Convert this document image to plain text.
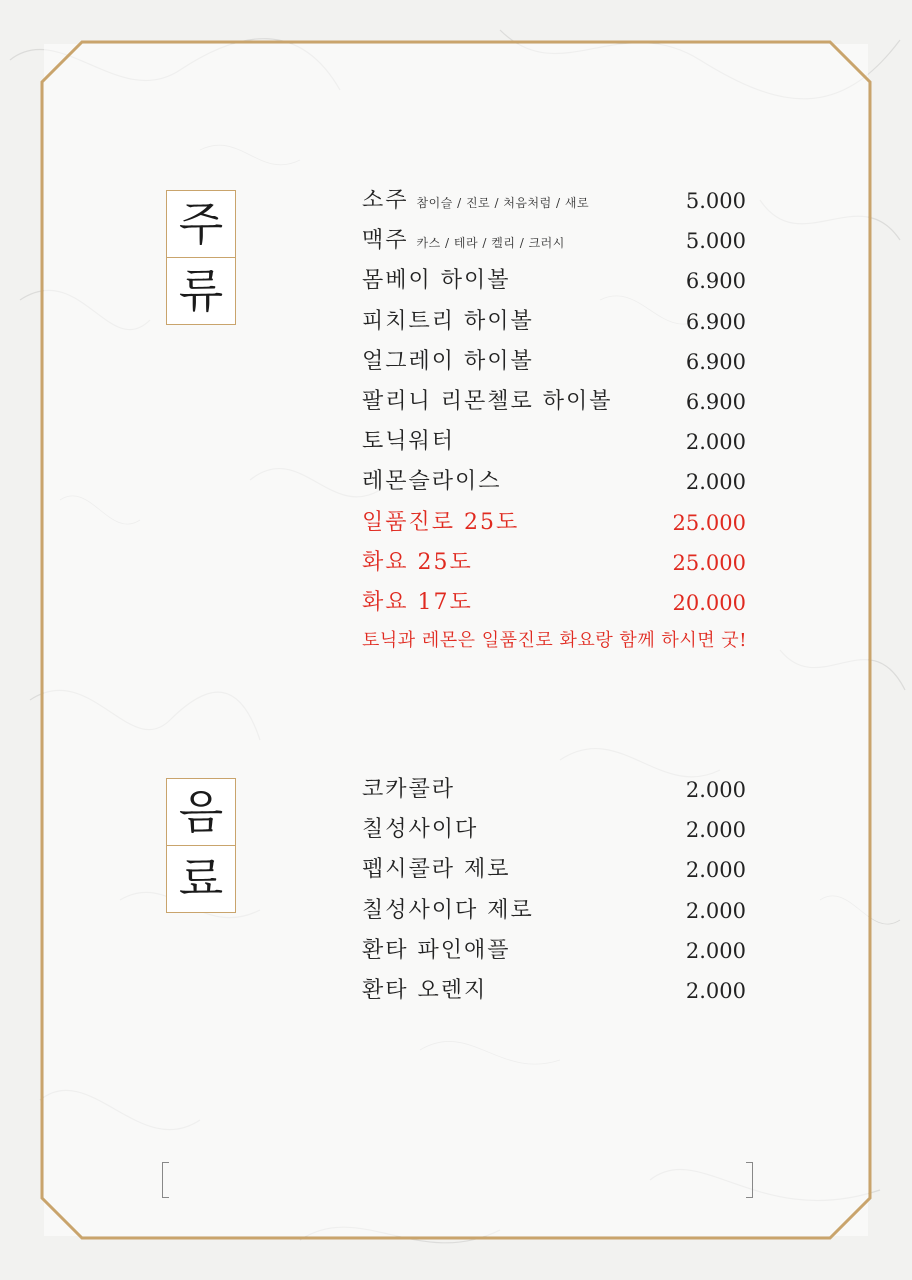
주
류
소주 참이슬 / 진로 / 처음처럼 / 새로	5.000
맥주 카스 / 테라 / 켈리 / 크러시	5.000
몸베이 하이볼	6.900
피치트리 하이볼	6.900
얼그레이 하이볼	6.900
팔리니 리몬첼로 하이볼	6.900
토닉워터	2.000
레몬슬라이스	2.000
일품진로 25도	25.000
화요 25도	25.000
화요 17도	20.000
토닉과 레몬은 일품진로 화요랑 함께 하시면 굿!
음
료
코카콜라	2.000
칠성사이다	2.000
펩시콜라 제로	2.000
칠성사이다 제로	2.000
환타 파인애플	2.000
환타 오렌지	2.000
